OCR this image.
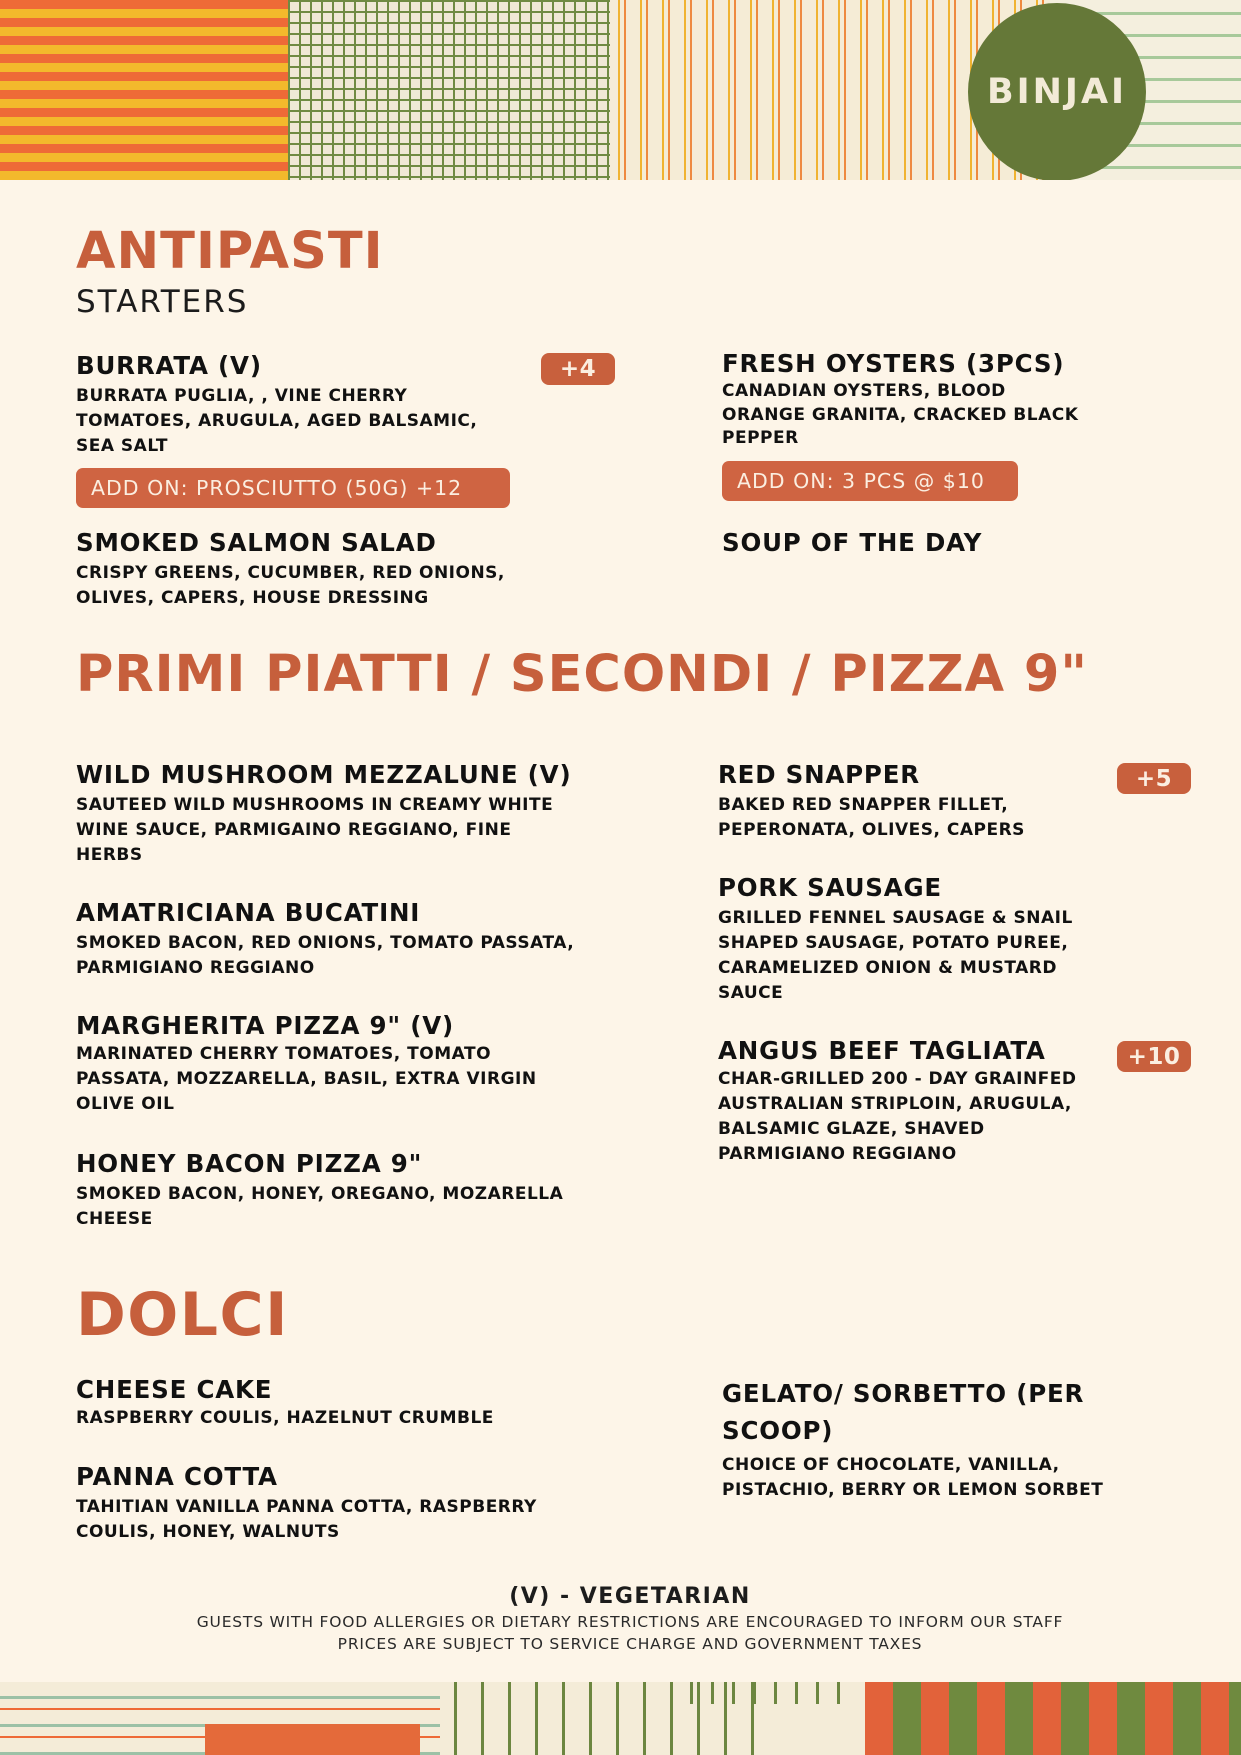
BINJAI
ANTIPASTI
STARTERS
BURRATA (V)
BURRATA PUGLIA, , VINE CHERRY
TOMATOES, ARUGULA, AGED BALSAMIC,
SEA SALT
+4
ADD ON: PROSCIUTTO (50G) +12
FRESH OYSTERS (3PCS)
CANADIAN OYSTERS, BLOOD
ORANGE GRANITA, CRACKED BLACK
PEPPER
ADD ON: 3 PCS @ $10
SMOKED SALMON SALAD
CRISPY GREENS, CUCUMBER, RED ONIONS,
OLIVES, CAPERS, HOUSE DRESSING
SOUP OF THE DAY
PRIMI PIATTI / SECONDI / PIZZA 9"
WILD MUSHROOM MEZZALUNE (V)
SAUTEED WILD MUSHROOMS IN CREAMY WHITE
WINE SAUCE, PARMIGAINO REGGIANO, FINE
HERBS
AMATRICIANA BUCATINI
SMOKED BACON, RED ONIONS, TOMATO PASSATA,
PARMIGIANO REGGIANO
MARGHERITA PIZZA 9" (V)
MARINATED CHERRY TOMATOES, TOMATO
PASSATA, MOZZARELLA, BASIL, EXTRA VIRGIN
OLIVE OIL
HONEY BACON PIZZA 9"
SMOKED BACON, HONEY, OREGANO, MOZARELLA
CHEESE
RED SNAPPER
BAKED RED SNAPPER FILLET,
PEPERONATA, OLIVES, CAPERS
+5
PORK SAUSAGE
GRILLED FENNEL SAUSAGE & SNAIL
SHAPED SAUSAGE, POTATO PUREE,
CARAMELIZED ONION & MUSTARD
SAUCE
ANGUS BEEF TAGLIATA
CHAR-GRILLED 200 - DAY GRAINFED
AUSTRALIAN STRIPLOIN, ARUGULA,
BALSAMIC GLAZE, SHAVED
PARMIGIANO REGGIANO
+10
DOLCI
CHEESE CAKE
RASPBERRY COULIS, HAZELNUT CRUMBLE
PANNA COTTA
TAHITIAN VANILLA PANNA COTTA, RASPBERRY
COULIS, HONEY, WALNUTS
GELATO/ SORBETTO (PER
SCOOP)
CHOICE OF CHOCOLATE, VANILLA,
PISTACHIO, BERRY OR LEMON SORBET
(V) - VEGETARIAN
GUESTS WITH FOOD ALLERGIES OR DIETARY RESTRICTIONS ARE ENCOURAGED TO INFORM OUR STAFF
PRICES ARE SUBJECT TO SERVICE CHARGE AND GOVERNMENT TAXES
